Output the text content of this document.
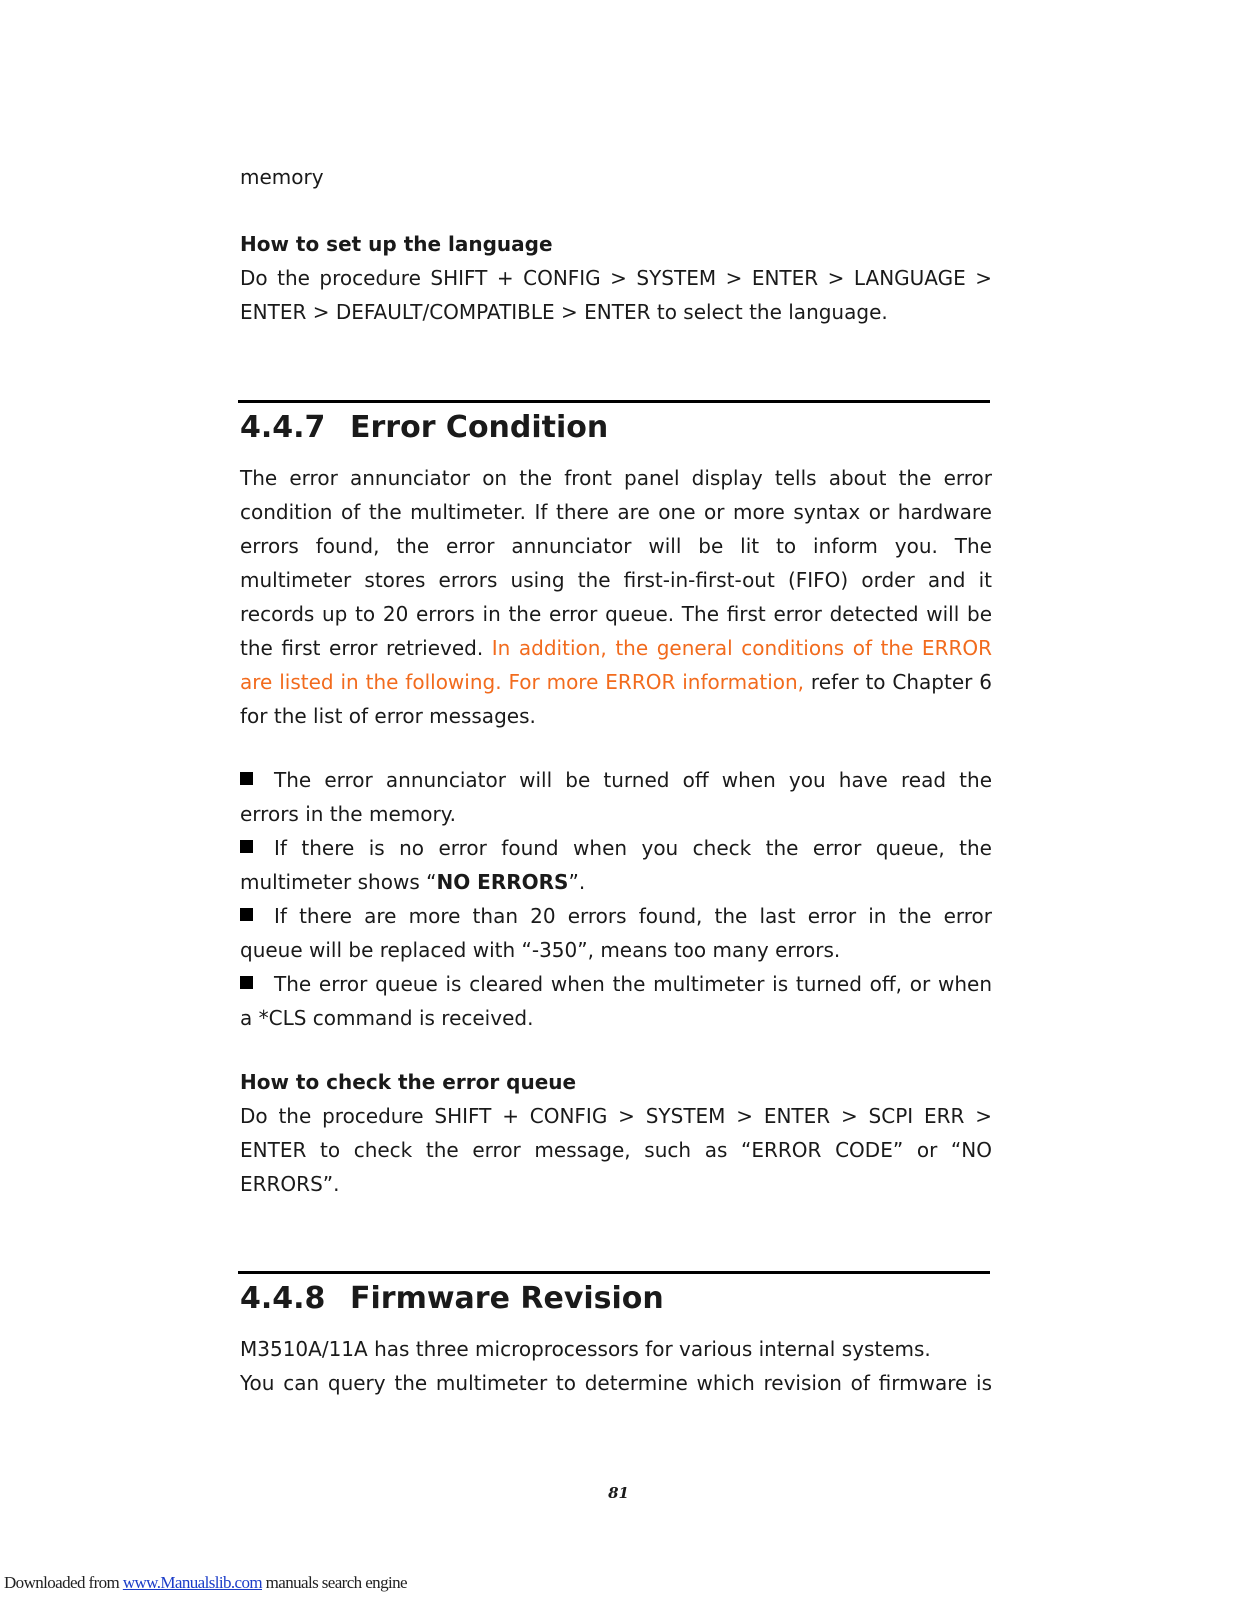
memory

How to set up the language

Do the procedure SHIFT + CONFIG > SYSTEM > ENTER > LANGUAGE >

ENTER > DEFAULT/COMPATIBLE > ENTER to select the language.

4.4.7 Error Condition

The error annunciator on the front panel display tells about the error condition of the multimeter. If there are one or more syntax or hardware errors found, the error annunciator will be lit to inform you. The multimeter stores errors using the first-in-first-out (FIFO) order and it records up to 20 errors in the error queue. The first error detected will be the first error retrieved. In addition, the general conditions of the ERROR are listed in the following. For more ERROR information, refer to Chapter 6 for the list of error messages.

The error annunciator will be turned off when you have read the

errors in the memory.

If there is no error found when you check the error queue, the

multimeter shows “NO ERRORS”.

If there are more than 20 errors found, the last error in the error

queue will be replaced with “-350”, means too many errors.

The error queue is cleared when the multimeter is turned off, or when

a *CLS command is received.

How to check the error queue

Do the procedure SHIFT + CONFIG > SYSTEM > ENTER > SCPI ERR >

ENTER to check the error message, such as “ERROR CODE” or “NO

ERRORS”.

4.4.8 Firmware Revision

M3510A/11A has three microprocessors for various internal systems.

You can query the multimeter to determine which revision of firmware is

81
Downloaded from www.Manualslib.com manuals search engine
